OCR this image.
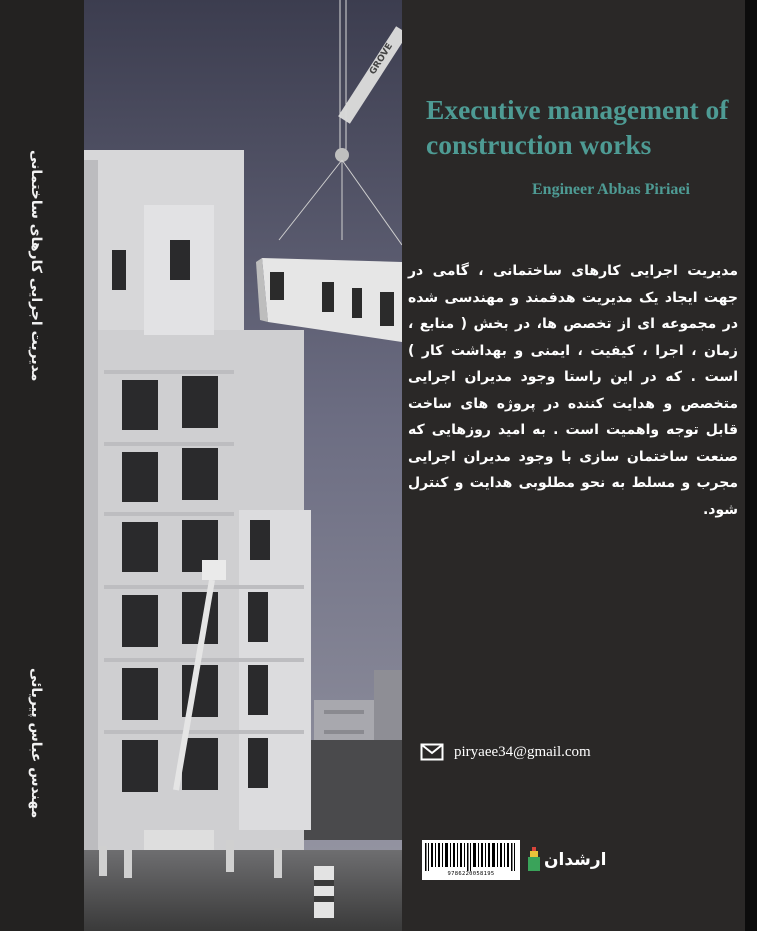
مدیریت اجرایی کارهای ساختمانی
مهندس عباس پیریائی
GROVE
Executive management of construction works
Engineer Abbas Piriaei

مدیریت اجرایی کارهای ساختمانی ، گامی در جهت ایجاد یک مدیریت هدفمند و مهندسی شده در مجموعه ای از تخصص ها، در بخش ( منابع ، زمان ، اجرا ، کیفیت ، ایمنی و بهداشت کار ) است . که در این راستا وجود مدیران اجرایی متخصص و هدایت کننده در پروژه های ساخت قابل توجه واهمیت است . به امید روزهایی که صنعت ساختمان سازی با وجود مدیران اجرایی مجرب و مسلط به نحو مطلوبی هدایت و کنترل شود.

piryaee34@gmail.com
9786220058195
ارشدان
